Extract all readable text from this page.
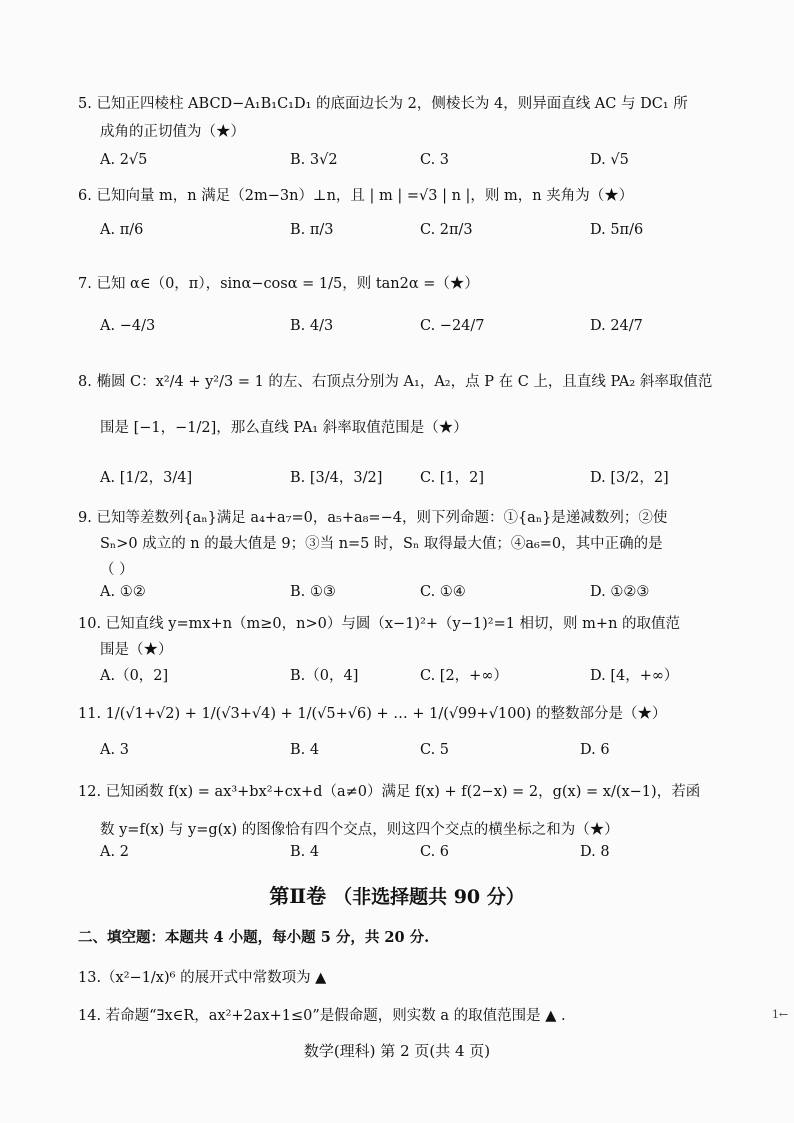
5. 已知正四棱柱 ABCD−A₁B₁C₁D₁ 的底面边长为 2，侧棱长为 4，则异面直线 AC 与 DC₁ 所
成角的正切值为（★）
A. 2√5	B. 3√2	C. 3	D. √5
6. 已知向量 m，n 满足（2m−3n）⊥n，且 | m | =√3 | n |，则 m，n 夹角为（★）
A. π/6	B. π/3	C. 2π/3	D. 5π/6
7. 已知 α∈（0，π），sinα−cosα = 1/5，则 tan2α =（★）
A. −4/3	B. 4/3	C. −24/7	D. 24/7
8. 椭圆 C：x²/4 + y²/3 = 1 的左、右顶点分别为 A₁，A₂，点 P 在 C 上，且直线 PA₂ 斜率取值范
围是 [−1，−1/2]，那么直线 PA₁ 斜率取值范围是（★）
A. [1/2，3/4]	B. [3/4，3/2]	C. [1，2]	D. [3/2，2]
9. 已知等差数列{aₙ}满足 a₄+a₇=0，a₅+a₈=−4，则下列命题：①{aₙ}是递减数列；②使
Sₙ>0 成立的 n 的最大值是 9；③当 n=5 时，Sₙ 取得最大值；④a₆=0，其中正确的是
（ ）
A. ①②	B. ①③	C. ①④	D. ①②③
10. 已知直线 y=mx+n（m≥0，n>0）与圆（x−1)²+（y−1)²=1 相切，则 m+n 的取值范
围是（★）
A.（0，2]	B.（0，4]	C. [2，+∞）	D. [4，+∞）
11. 1/(√1+√2) + 1/(√3+√4) + 1/(√5+√6) + … + 1/(√99+√100) 的整数部分是（★）
A. 3	B. 4	C. 5	D. 6
12. 已知函数 f(x) = ax³+bx²+cx+d（a≠0）满足 f(x) + f(2−x) = 2，g(x) = x/(x−1)，若函
数 y=f(x) 与 y=g(x) 的图像恰有四个交点，则这四个交点的横坐标之和为（★）
A. 2	B. 4	C. 6	D. 8
第Ⅱ卷 （非选择题共 90 分）
二、填空题：本题共 4 小题，每小题 5 分，共 20 分.
13.（x²−1/x)⁶ 的展开式中常数项为 ▲
14. 若命题“∃x∈R，ax²+2ax+1≤0”是假命题，则实数 a 的取值范围是 ▲ .	1←
数学(理科) 第 2 页(共 4 页)
